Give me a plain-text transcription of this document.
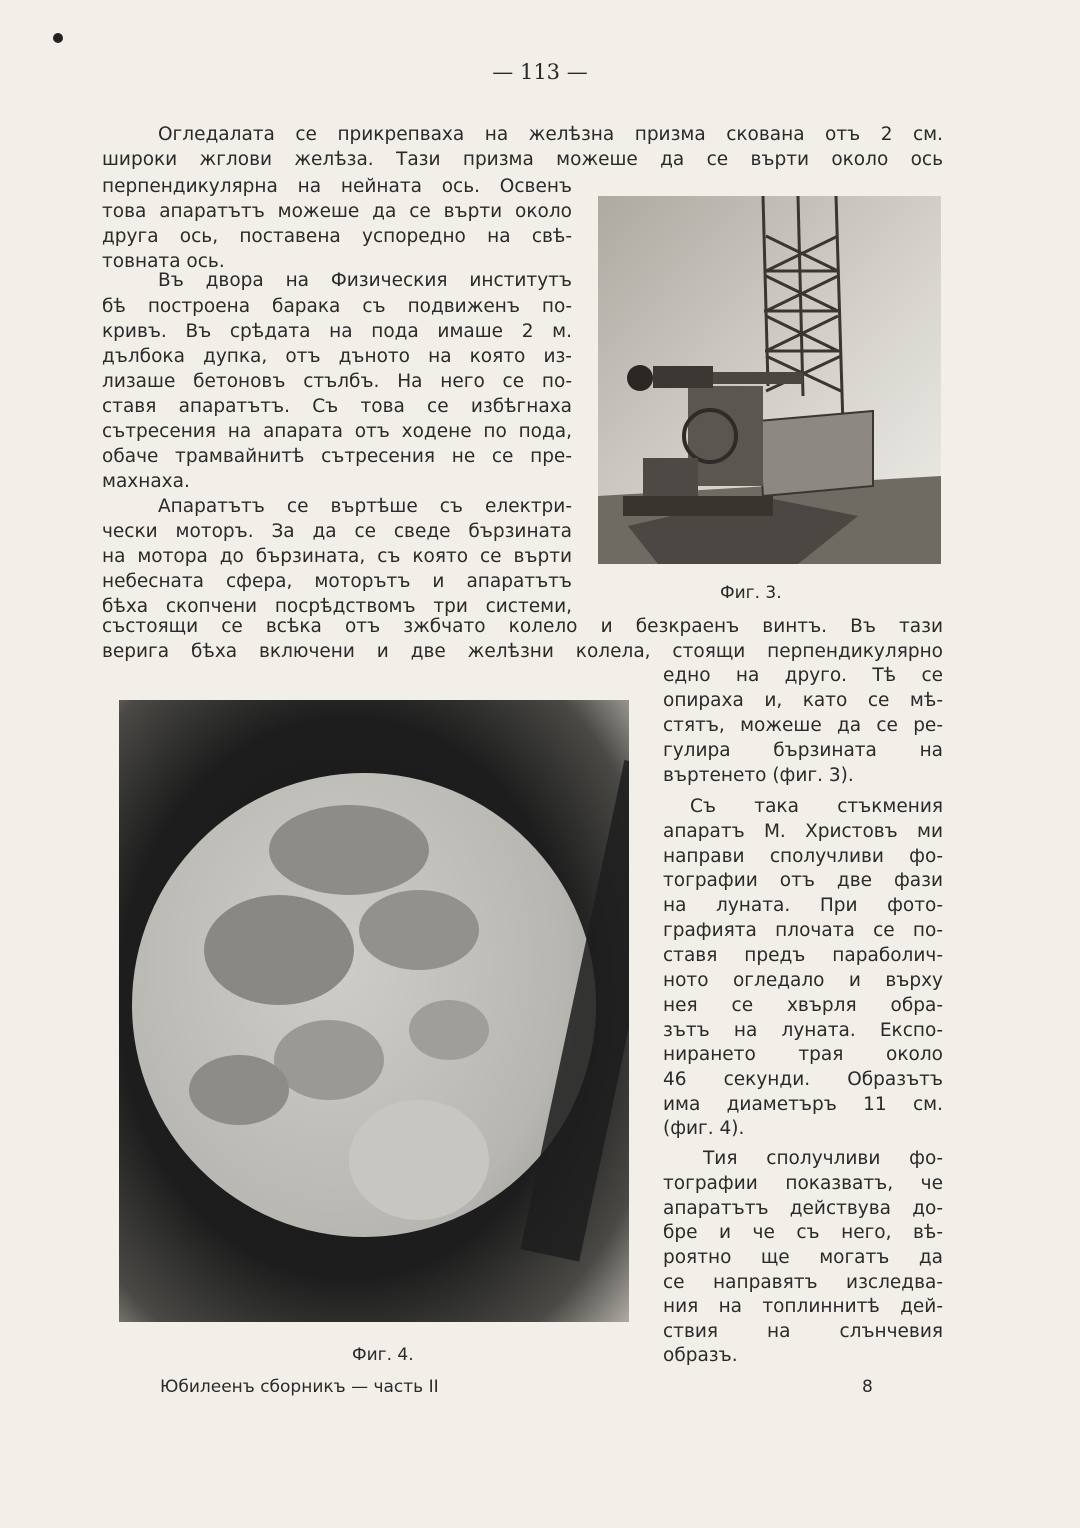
— 113 —

Огледалата се прикрепваха на желѣзна призма скована отъ 2 см.

широки жглови желѣза. Тази призма можеше да се върти около ось

перпендикулярна на нейната ось. Освенъ

това апаратътъ можеше да се върти около

друга ось, поставена успоредно на свѣ-

товната ось.

Въ двора на Физическия институтъ

бѣ построена барака съ подвиженъ по-

кривъ. Въ срѣдата на пода имаше 2 м.

дълбока дупка, отъ дъното на която из-

лизаше бетоновъ стълбъ. На него се по-

ставя апаратътъ. Съ това се избѣгнаха

сътресения на апарата отъ ходене по пода,

обаче трамвайнитѣ сътресения не се пре-

махнаха.

Апаратътъ се въртѣше съ електри-

чески моторъ. За да се сведе бързината

на мотора до бързината, съ която се върти

небесната сфера, моторътъ и апаратътъ

бѣха скопчени посрѣдствомъ три системи,

състоящи се всѣка отъ зжбчато колело и безкраенъ винтъ. Въ тази

верига бѣха включени и две желѣзни колела, стоящи перпендикулярно

едно на друго. Тѣ се

опираха и, като се мѣ-

стятъ, можеше да се ре-

гулира бързината на

въртенето (фиг. 3).

Съ така стъкмения

апаратъ М. Христовъ ми

направи сполучливи фо-

тографии отъ две фази

на луната. При фото-

графията плочата се по-

ставя предъ параболич-

ното огледало и върху

нея се хвърля обра-

зътъ на луната. Експо-

нирането трая около

46 секунди. Образътъ

има диаметъръ 11 см.

(фиг. 4).

Тия сполучливи фо-

тографии показватъ, че

апаратътъ действува до-

бре и че съ него, вѣ-

роятно ще могатъ да

се направятъ изследва-

ния на топлиннитѣ дей-

ствия на слънчевия

образъ.

Фиг. 3.
Фиг. 4.
Юбилеенъ сборникъ — часть II	8
